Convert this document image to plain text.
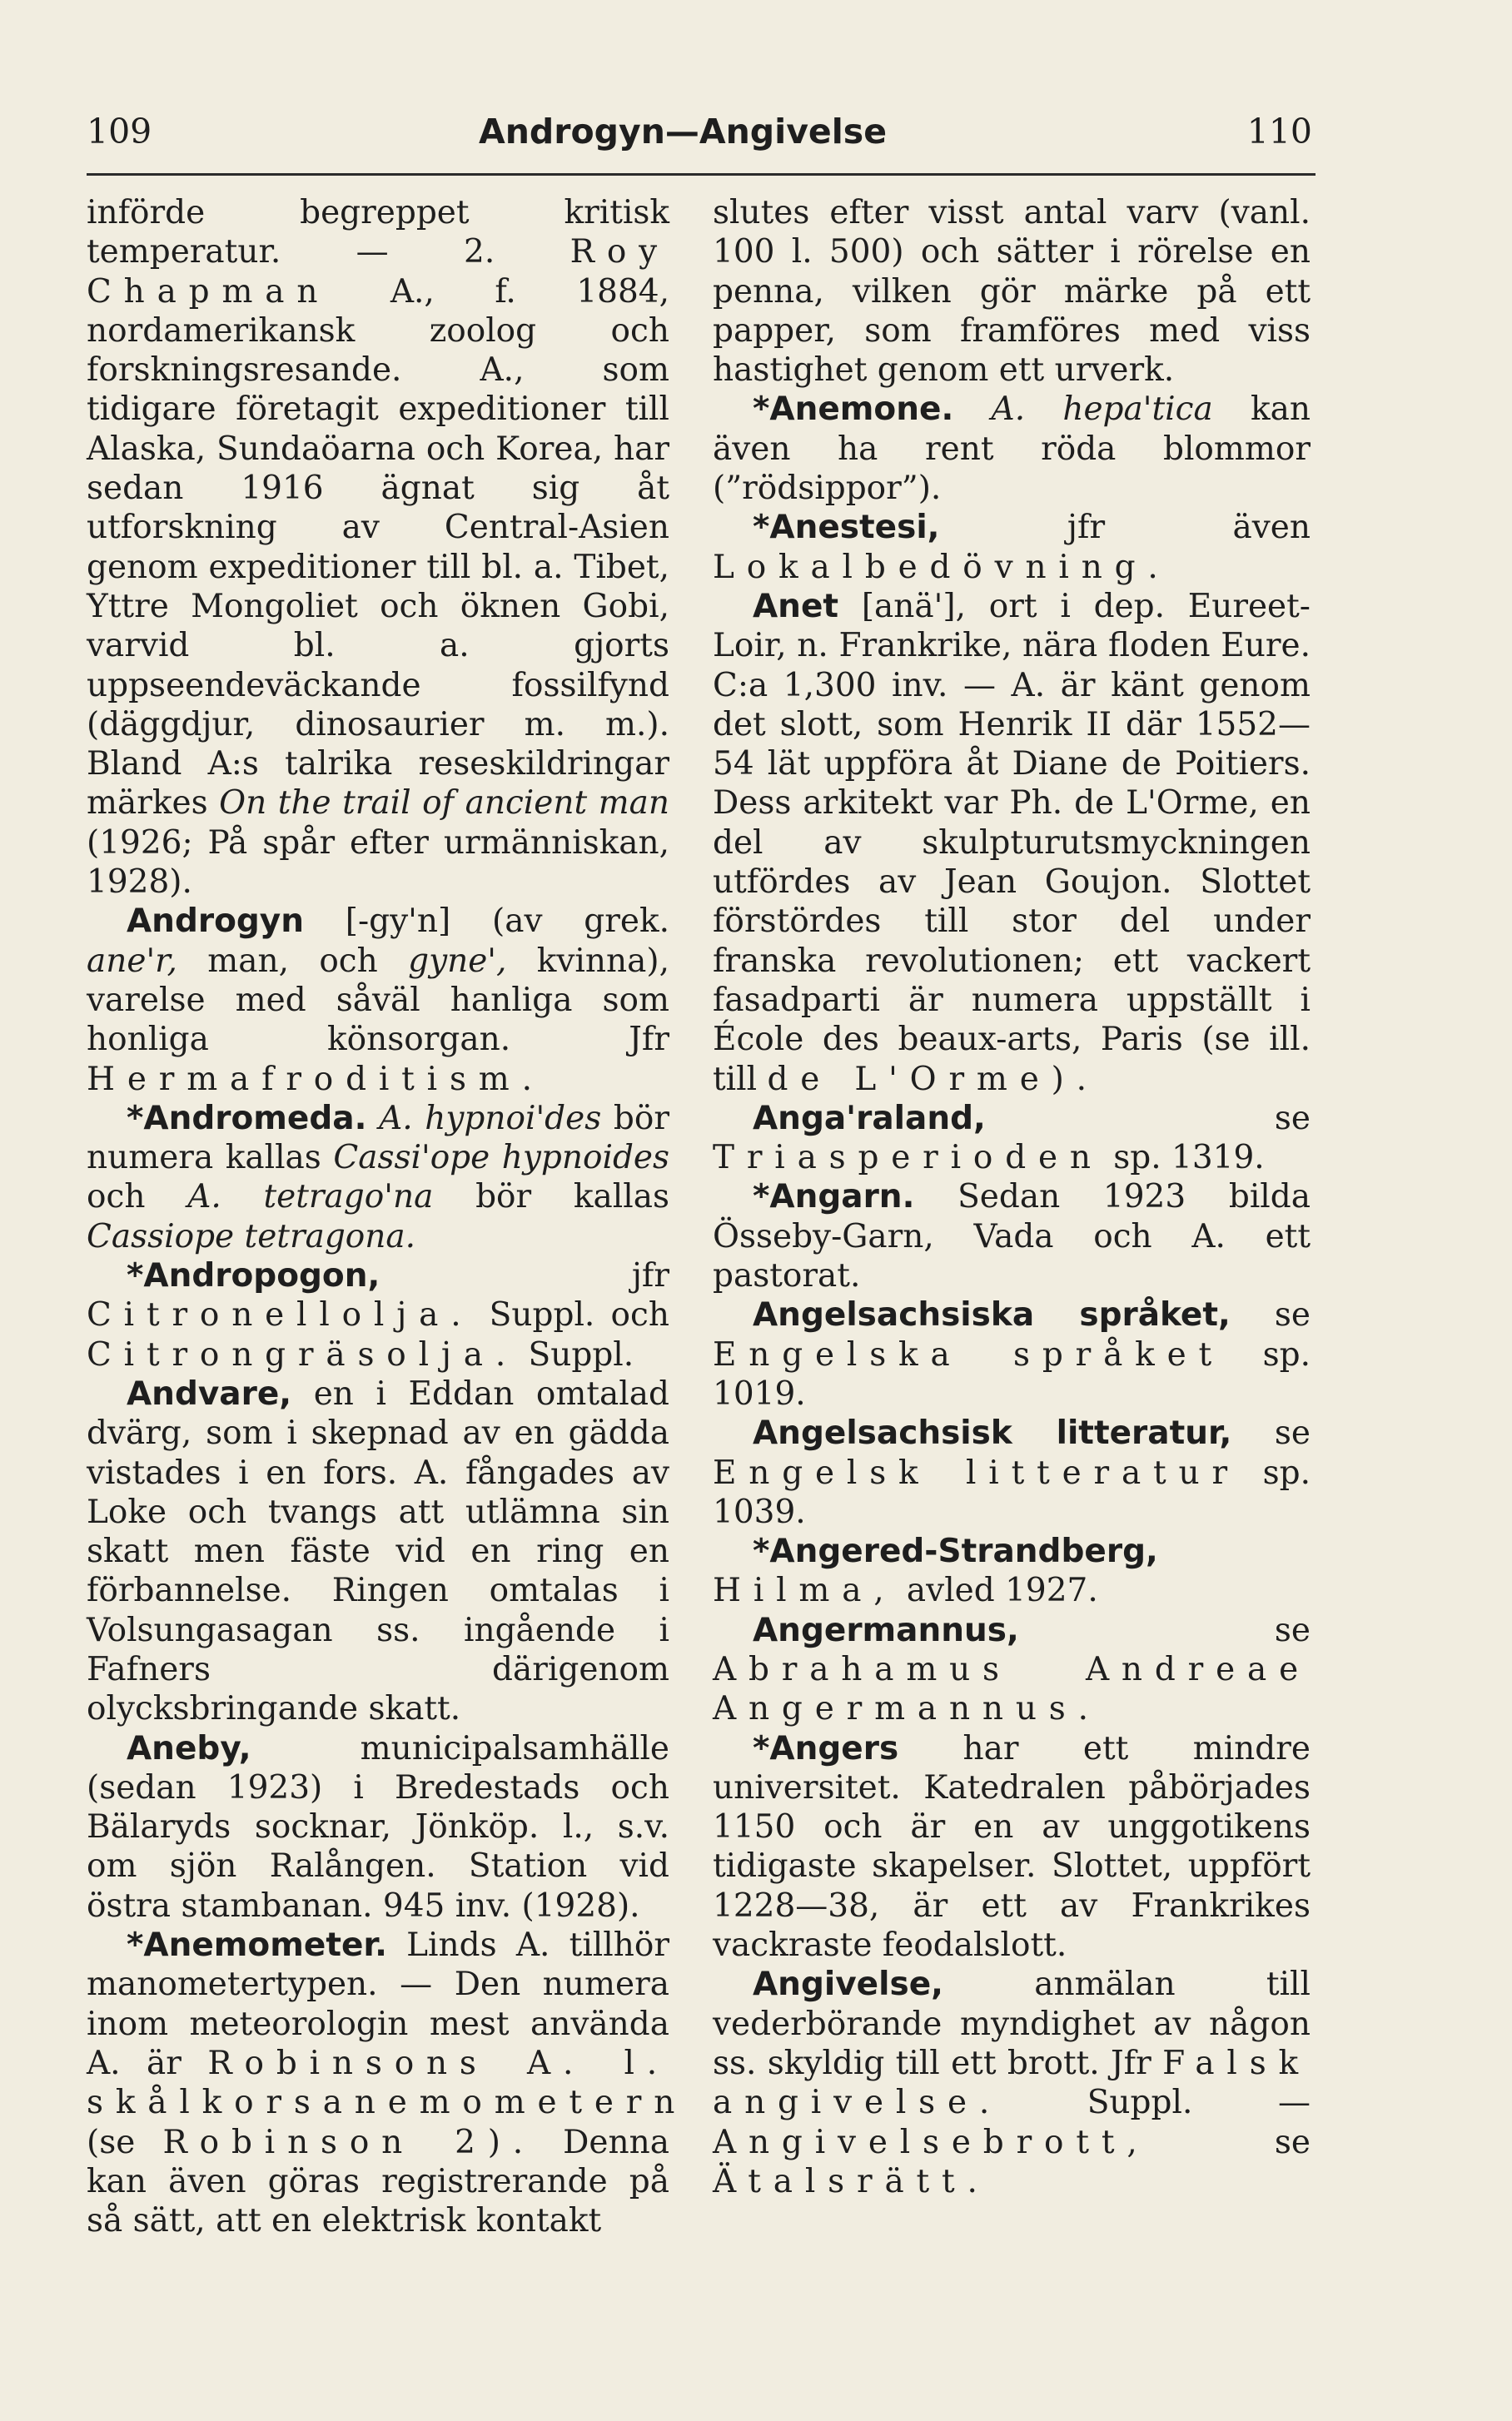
109	Androgyn—Angivelse	110

införde begreppet kritisk temperatur. — 2. Roy Chapman A., f. 1884, nordamerikansk zoolog och forskningsresande. A., som tidigare företagit expeditioner till Alaska, Sundaöarna och Korea, har sedan 1916 ägnat sig åt utforskning av Central-Asien genom expeditioner till bl. a. Tibet, Yttre Mongoliet och öknen Gobi, varvid bl. a. gjorts uppseendeväckande fossilfynd (däggdjur, dinosaurier m. m.). Bland A:s talrika reseskildringar märkes On the trail of ancient man (1926; På spår efter urmänniskan, 1928).

Androgyn [-gy'n] (av grek. ane'r, man, och gyne', kvinna), varelse med såväl hanliga som honliga könsorgan. Jfr Hermafroditism.

*Andromeda. A. hypnoi'des bör numera kallas Cassi'ope hypnoides och A. tetrago'na bör kallas Cassiope tetragona.

*Andropogon,	jfr Citronellolja. Suppl. och Citrongräsolja. Suppl.

Andvare, en i Eddan omtalad dvärg, som i skepnad av en gädda vistades i en fors. A. fångades av Loke och tvangs att utlämna sin skatt men fäste vid en ring en förbannelse. Ringen omtalas i Volsungasagan ss. ingående i Fafners därigenom olycksbringande skatt.

Aneby,	municipalsamhälle (sedan 1923) i Bredestads och Bälaryds socknar, Jönköp. l., s.v. om sjön Ralången. Station vid östra stambanan. 945 inv. (1928).

*Anemometer. Linds A. tillhör manometertypen. — Den numera inom meteorologin mest använda A. är Robinsons A. l. skålkorsanemometern (se Robinson 2). Denna kan även göras registrerande på så sätt, att en elektrisk kontakt

slutes efter visst antal varv (vanl. 100 l. 500) och sätter i rörelse en penna, vilken gör märke på ett papper, som framföres med viss hastighet genom ett urverk.

*Anemone. A. hepa'tica kan även ha rent röda blommor (”rödsippor”).

*Anestesi,	jfr även Lokalbedövning.

Anet [anä'], ort i dep. Eureet-Loir, n. Frankrike, nära floden Eure. C:a 1,300 inv. — A. är känt genom det slott, som Henrik II där 1552—54 lät uppföra åt Diane de Poitiers. Dess arkitekt var Ph. de L'Orme, en del av skulpturutsmyckningen utfördes av Jean Goujon. Slottet förstördes till stor del under franska revolutionen; ett vackert fasadparti är numera uppställt i École des beaux-arts, Paris (se ill. till de L'Orme).

Anga'raland,	se Triasperioden sp. 1319.

*Angarn. Sedan 1923 bilda Össeby-Garn, Vada och A. ett pastorat.

Angelsachsiska språket, se Engelska språket sp. 1019.

Angelsachsisk litteratur, se Engelsk litteratur sp. 1039.

*Angered-Strandberg, Hilma, avled 1927.

Angermannus,	se Abrahamus Andreae Angermannus.

*Angers har ett mindre universitet. Katedralen påbörjades 1150 och är en av unggotikens tidigaste skapelser. Slottet, uppfört 1228—38, är ett av Frankrikes vackraste feodalslott.

Angivelse,	anmälan till vederbörande myndighet av någon ss. skyldig till ett brott. Jfr Falsk angivelse.	Suppl. — Angivelsebrott,	se Ätalsrätt.
